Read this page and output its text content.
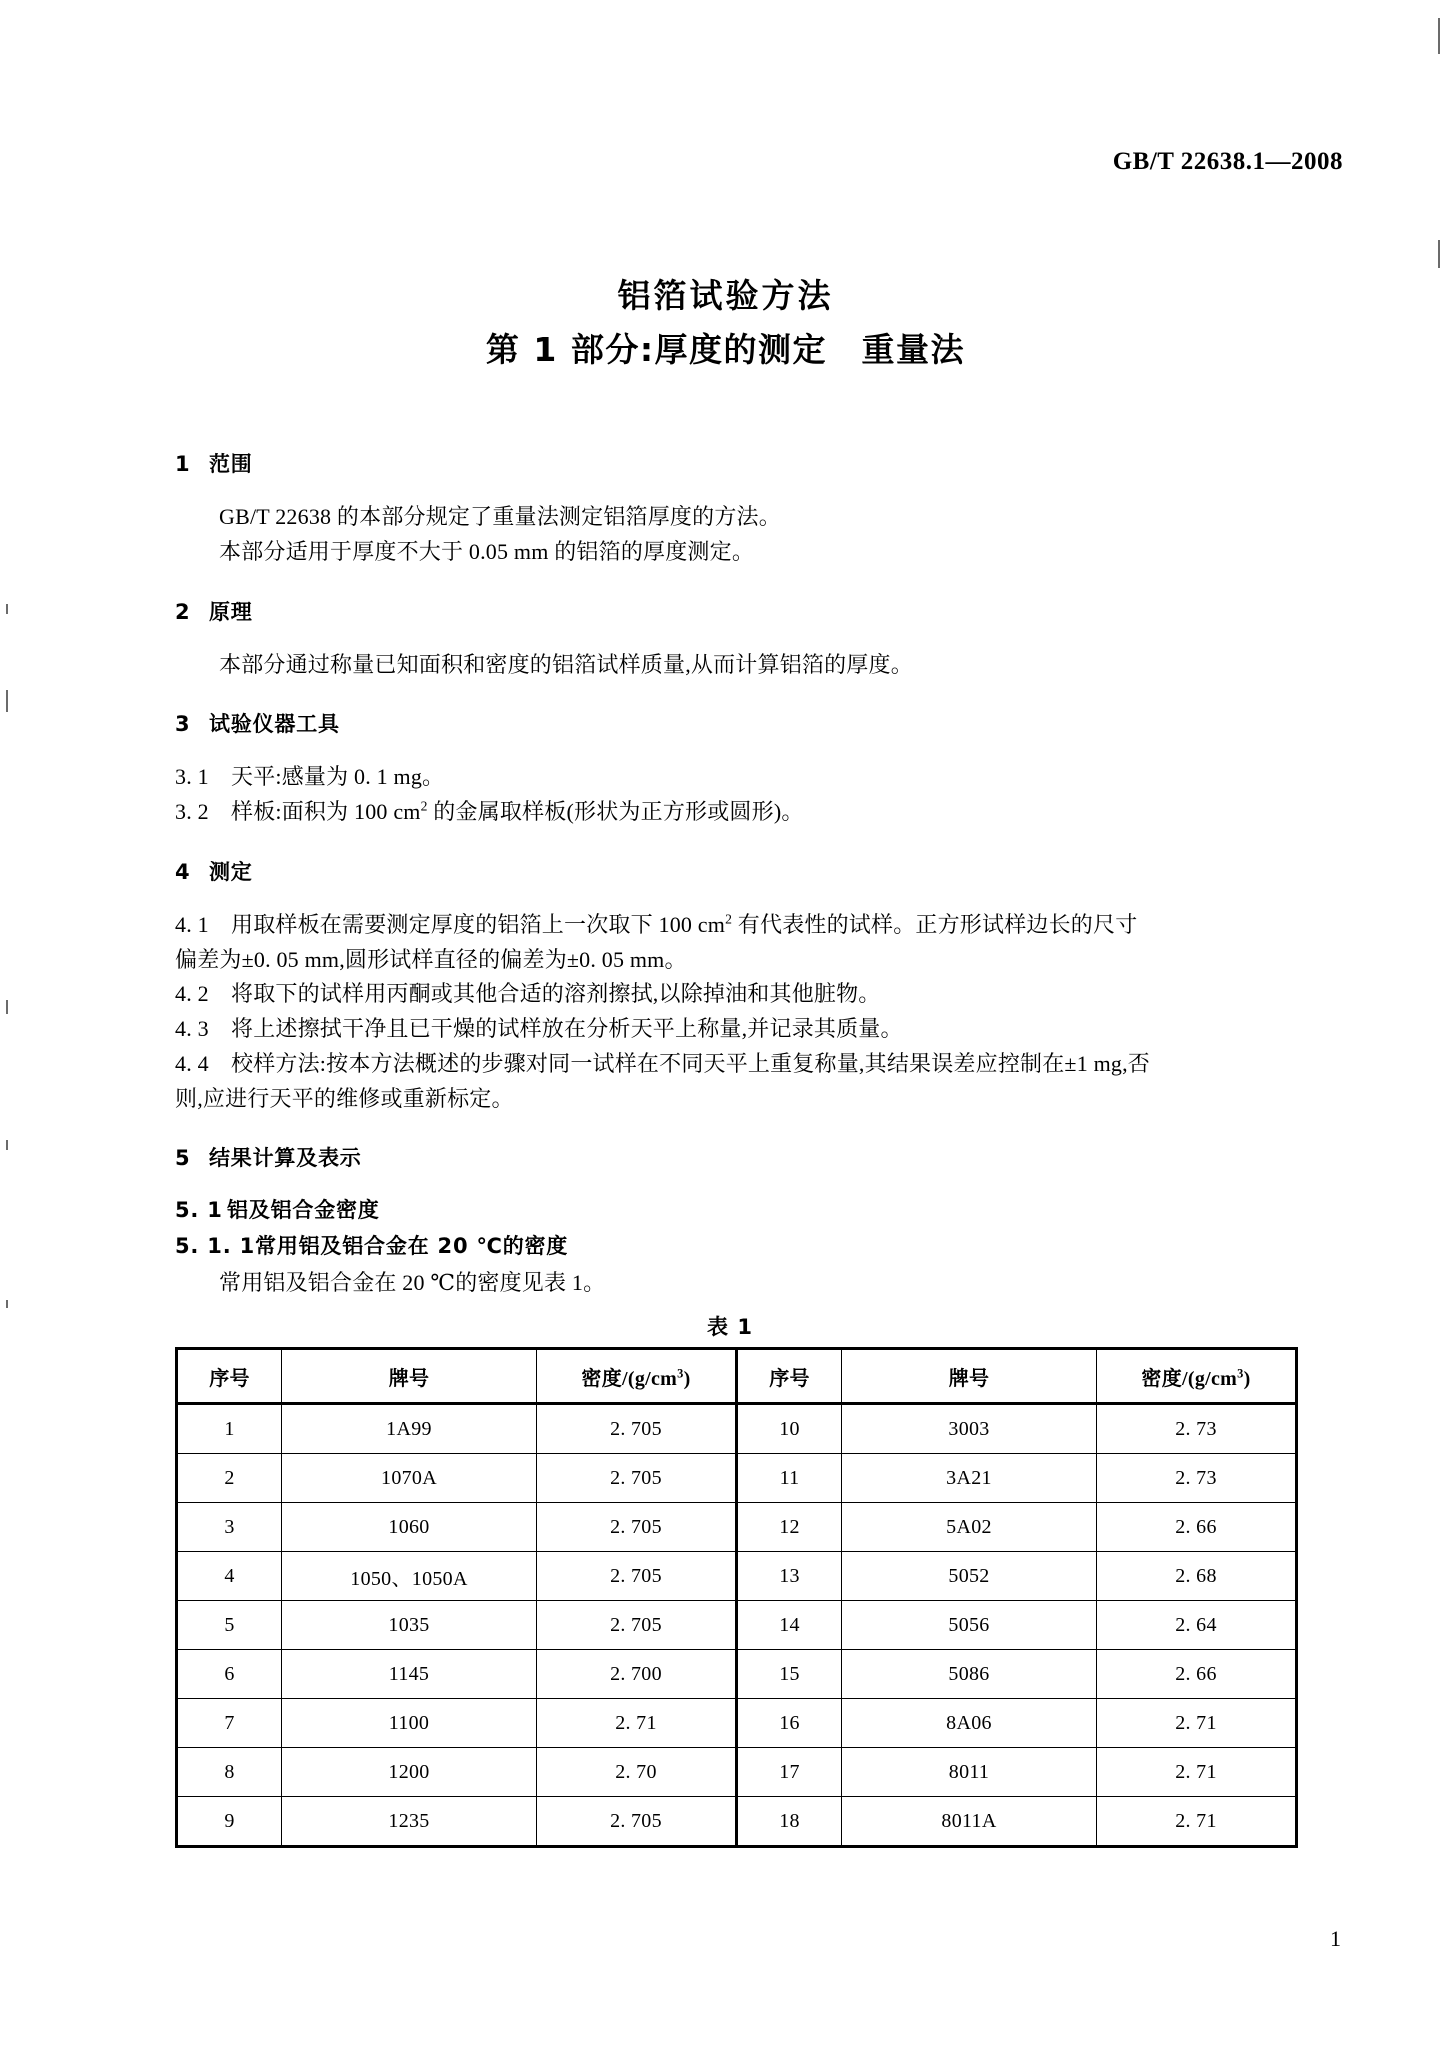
GB/T 22638.1—2008
铝箔试验方法
第 1 部分:厚度的测定　重量法
1 范围

GB/T 22638 的本部分规定了重量法测定铝箔厚度的方法。

本部分适用于厚度不大于 0.05 mm 的铝箔的厚度测定。

2 原理

本部分通过称量已知面积和密度的铝箔试样质量,从而计算铝箔的厚度。

3 试验仪器工具

3. 1 天平:感量为 0. 1 mg。

3. 2 样板:面积为 100 $cm^2$ 的金属取样板(形状为正方形或圆形)。

4 测定

4. 1 用取样板在需要测定厚度的铝箔上一次取下 100 $cm^2$ 有代表性的试样。正方形试样边长的尺寸

偏差为±0. 05 mm,圆形试样直径的偏差为±0. 05 mm。

4. 2 将取下的试样用丙酮或其他合适的溶剂擦拭,以除掉油和其他脏物。

4. 3 将上述擦拭干净且已干燥的试样放在分析天平上称量,并记录其质量。

4. 4 校样方法:按本方法概述的步骤对同一试样在不同天平上重复称量,其结果误差应控制在±1 mg,否

则,应进行天平的维修或重新标定。

5 结果计算及表示
5. 1 铝及铝合金密度
5. 1. 1常用铝及铝合金在 20 ℃的密度

常用铝及铝合金在 20 ℃的密度见表 1。

表 1
序号	牌号	密度$/(g/cm^3)$	序号	牌号	密度$/(g/cm^3)$
1	1A99	2. 705	10	3003	2. 73
2	1070A	2. 705	11	3A21	2. 73
3	1060	2. 705	12	5A02	2. 66
4	1050、1050A	2. 705	13	5052	2. 68
5	1035	2. 705	14	5056	2. 64
6	1145	2. 700	15	5086	2. 66
7	1100	2. 71	16	8A06	2. 71
8	1200	2. 70	17	8011	2. 71
9	1235	2. 705	18	8011A	2. 71
1
